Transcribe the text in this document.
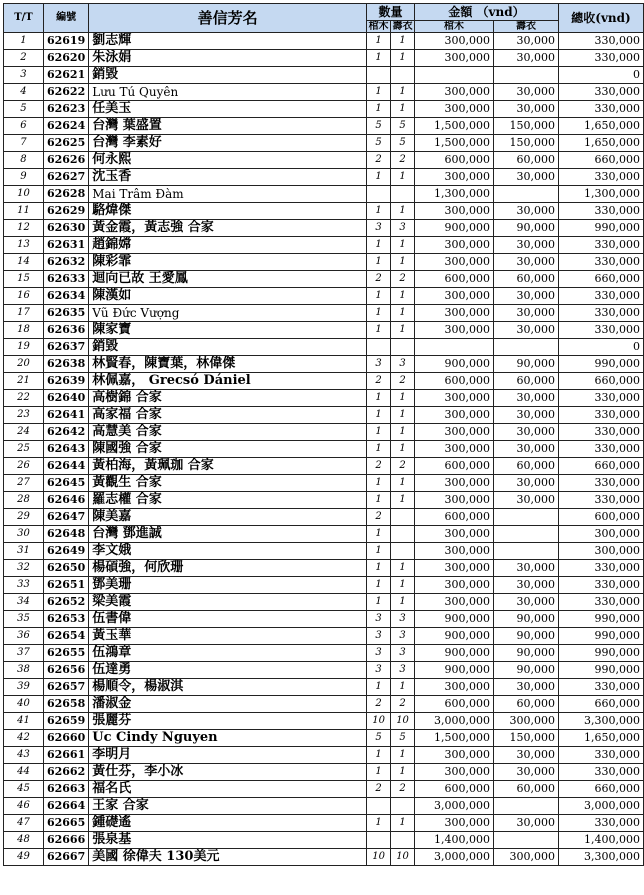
T/T	編號	善信芳名	數量		金額 （vnd）		總收(vnd)
			棺木	壽衣	棺木	壽衣	
1	62619	劉志輝	1	1	300,000	30,000	330,000
2	62620	朱泳娟	1	1	300,000	30,000	330,000
3	62621	銷毀					0
4	62622	Lưu Tú Quyên	1	1	300,000	30,000	330,000
5	62623	任美玉	1	1	300,000	30,000	330,000
6	62624	台灣 葉盛置	5	5	1,500,000	150,000	1,650,000
7	62625	台灣 李素好	5	5	1,500,000	150,000	1,650,000
8	62626	何永熙	2	2	600,000	60,000	660,000
9	62627	沈玉香	1	1	300,000	30,000	330,000
10	62628	Mai Trâm Đàm			1,300,000		1,300,000
11	62629	駱煒傑	1	1	300,000	30,000	330,000
12	62630	黃金霞，黃志強 合家	3	3	900,000	90,000	990,000
13	62631	趙錦嫦	1	1	300,000	30,000	330,000
14	62632	陳彩霏	1	1	300,000	30,000	330,000
15	62633	迴向已故 王愛鳳	2	2	600,000	60,000	660,000
16	62634	陳漢如	1	1	300,000	30,000	330,000
17	62635	Vũ Đức Vượng	1	1	300,000	30,000	330,000
18	62636	陳家寶	1	1	300,000	30,000	330,000
19	62637	銷毀					0
20	62638	林賢春，陳寶葉，林偉傑	3	3	900,000	90,000	990,000
21	62639	林佩嘉， Grecsó Dániel	2	2	600,000	60,000	660,000
22	62640	高樹錦 合家	1	1	300,000	30,000	330,000
23	62641	高家福 合家	1	1	300,000	30,000	330,000
24	62642	高慧美 合家	1	1	300,000	30,000	330,000
25	62643	陳國強 合家	1	1	300,000	30,000	330,000
26	62644	黃柏海，黃珮珈 合家	2	2	600,000	60,000	660,000
27	62645	黃觀生 合家	1	1	300,000	30,000	330,000
28	62646	羅志權 合家	1	1	300,000	30,000	330,000
29	62647	陳美嘉	2		600,000		600,000
30	62648	台灣 鄧進誠	1		300,000		300,000
31	62649	李文娥	1		300,000		300,000
32	62650	楊碩強，何欣珊	1	1	300,000	30,000	330,000
33	62651	鄧美珊	1	1	300,000	30,000	330,000
34	62652	梁美霞	1	1	300,000	30,000	330,000
35	62653	伍書偉	3	3	900,000	90,000	990,000
36	62654	黃玉華	3	3	900,000	90,000	990,000
37	62655	伍鴻章	3	3	900,000	90,000	990,000
38	62656	伍達勇	3	3	900,000	90,000	990,000
39	62657	楊順令，楊淑淇	1	1	300,000	30,000	330,000
40	62658	潘淑金	2	2	600,000	60,000	660,000
41	62659	張麗芬	10	10	3,000,000	300,000	3,300,000
42	62660	Úc Cindy Nguyen	5	5	1,500,000	150,000	1,650,000
43	62661	李明月	1	1	300,000	30,000	330,000
44	62662	黃仕芬，李小冰	1	1	300,000	30,000	330,000
45	62663	福名氏	2	2	600,000	60,000	660,000
46	62664	王家 合家			3,000,000		3,000,000
47	62665	鍾礎遙	1	1	300,000	30,000	330,000
48	62666	張泉基			1,400,000		1,400,000
49	62667	美國 徐偉夫 130美元	10	10	3,000,000	300,000	3,300,000
